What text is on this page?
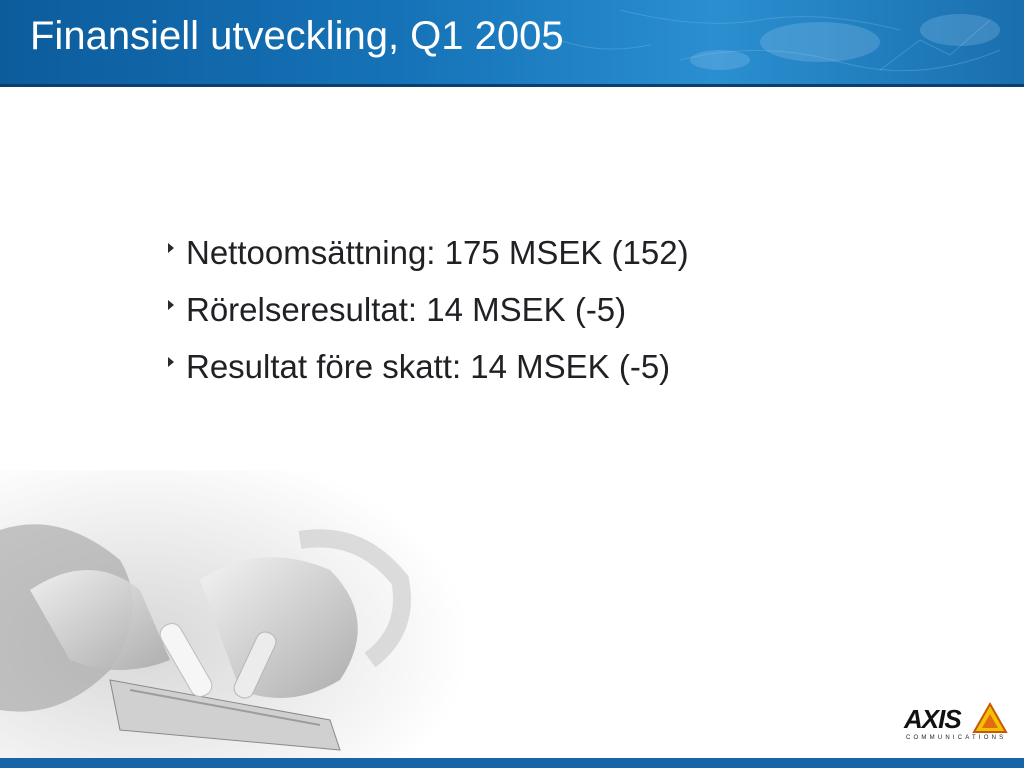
Finansiell utveckling, Q1 2005
Nettoomsättning: 175 MSEK (152)
Rörelseresultat: 14 MSEK (-5)
Resultat före skatt: 14 MSEK (-5)
AXIS
COMMUNICATIONS
